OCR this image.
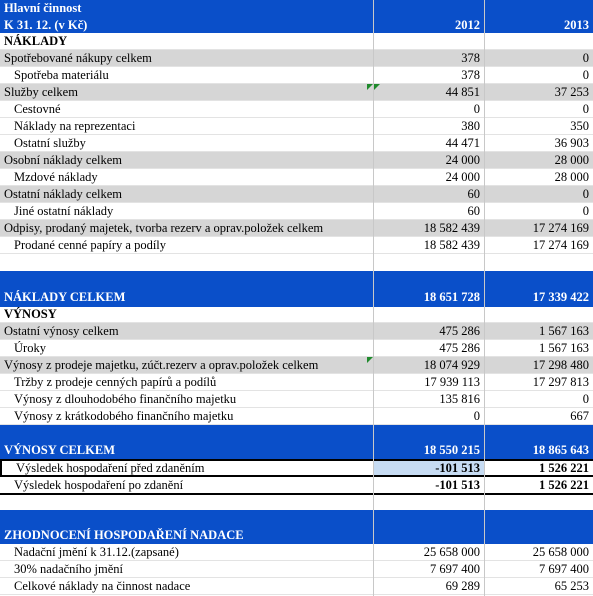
Hlavní činnost
K 31. 12. (v Kč)	2012	2013
NÁKLADY
Spotřebované nákupy celkem	378	0
Spotřeba materiálu	378	0
Služby celkem	44 851	37 253
Cestovné	0	0
Náklady na reprezentaci	380	350
Ostatní služby	44 471	36 903
Osobní náklady celkem	24 000	28 000
Mzdové náklady	24 000	28 000
Ostatní náklady celkem	60	0
Jiné ostatní náklady	60	0
Odpisy, prodaný majetek, tvorba rezerv a oprav.položek celkem	18 582 439	17 274 169
Prodané cenné papíry a podíly	18 582 439	17 274 169
NÁKLADY CELKEM	18 651 728	17 339 422
VÝNOSY
Ostatní výnosy celkem	475 286	1 567 163
Úroky	475 286	1 567 163
Výnosy z prodeje majetku, zúčt.rezerv a oprav.položek celkem	18 074 929	17 298 480
Tržby z prodeje cenných papírů a podílů	17 939 113	17 297 813
Výnosy z dlouhodobého finančního majetku	135 816	0
Výnosy z krátkodobého finančního majetku	0	667
VÝNOSY CELKEM	18 550 215	18 865 643
Výsledek hospodaření před zdaněním	-101 513	1 526 221
Výsledek hospodaření po zdanění	-101 513	1 526 221
ZHODNOCENÍ HOSPODAŘENÍ NADACE
Nadační jmění k 31.12.(zapsané)	25 658 000	25 658 000
30% nadačního jmění	7 697 400	7 697 400
Celkové náklady na činnost nadace	69 289	65 253
